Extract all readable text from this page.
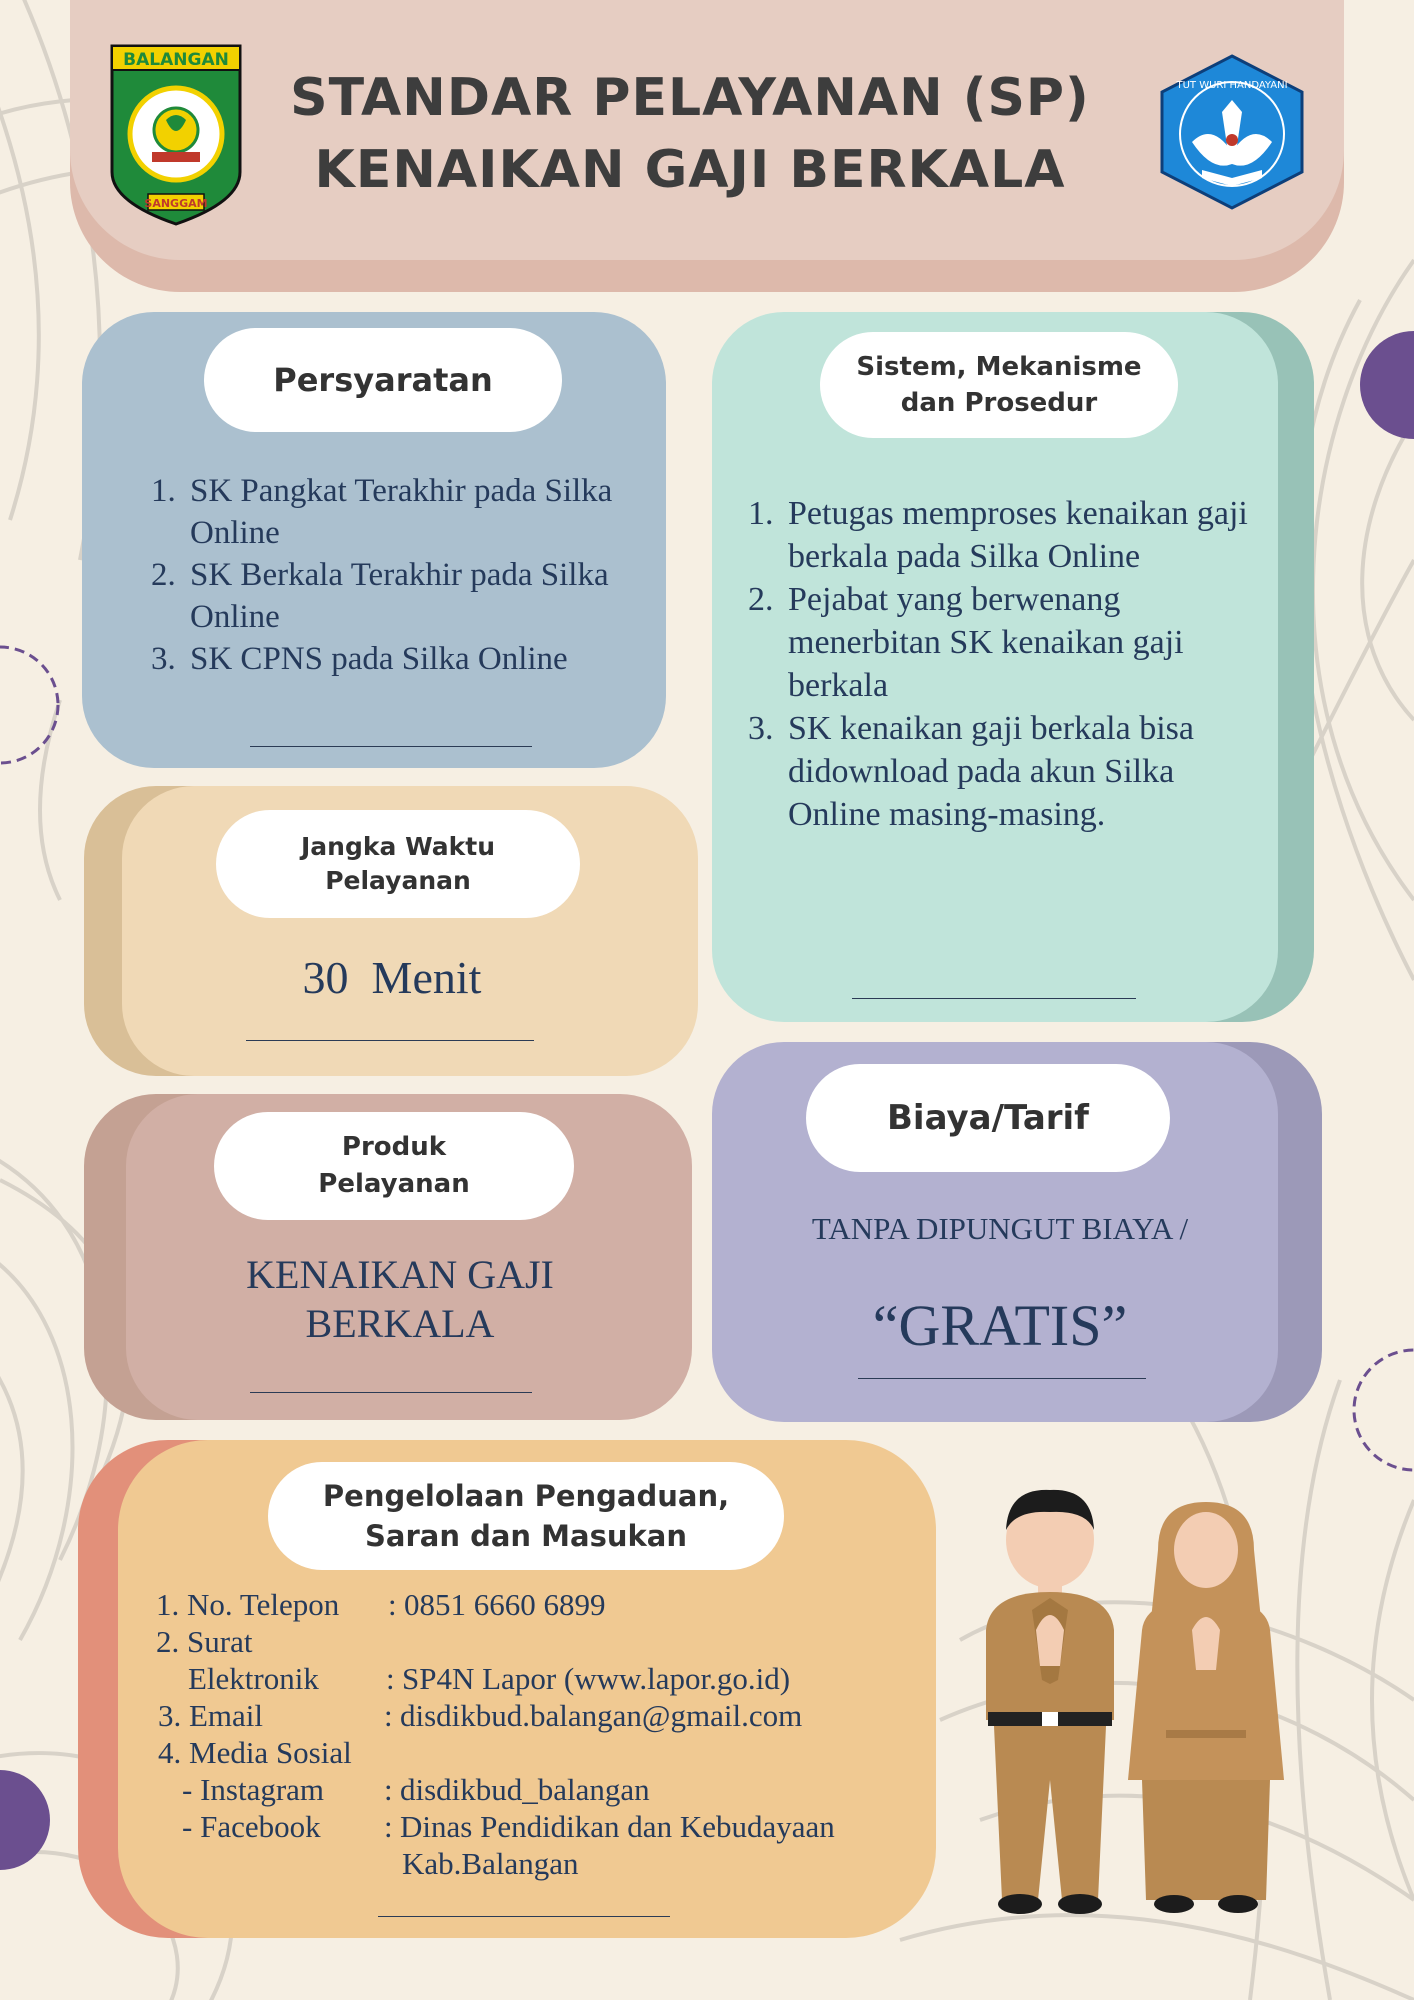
BALANGAN
SANGGAM
STANDAR PELAYANAN (SP)
KENAIKAN GAJI BERKALA
TUT WURI HANDAYANI
Persyaratan
1. SK Pangkat Terakhir pada Silka Online
2. SK Berkala Terakhir pada Silka Online
3. SK CPNS pada Silka Online
Sistem, Mekanisme
dan Prosedur
1. Petugas memproses kenaikan gaji berkala pada Silka Online
2. Pejabat yang berwenang menerbitan SK kenaikan gaji berkala
3. SK kenaikan gaji berkala bisa didownload pada akun Silka Online masing-masing.
Jangka Waktu
Pelayanan
30  Menit
Produk
Pelayanan
KENAIKAN GAJI
BERKALA
Biaya/Tarif
TANPA DIPUNGUT BIAYA /
“GRATIS”
Pengelolaan Pengaduan,
Saran dan Masukan
1. No. Telepon	: 0851 6660 6899
2. Surat
Elektronik	: SP4N Lapor (www.lapor.go.id)
3. Email	: disdikbud.balangan@gmail.com
4. Media Sosial
- Instagram	: disdikbud_balangan
- Facebook	: Dinas Pendidikan dan Kebudayaan
Kab.Balangan
